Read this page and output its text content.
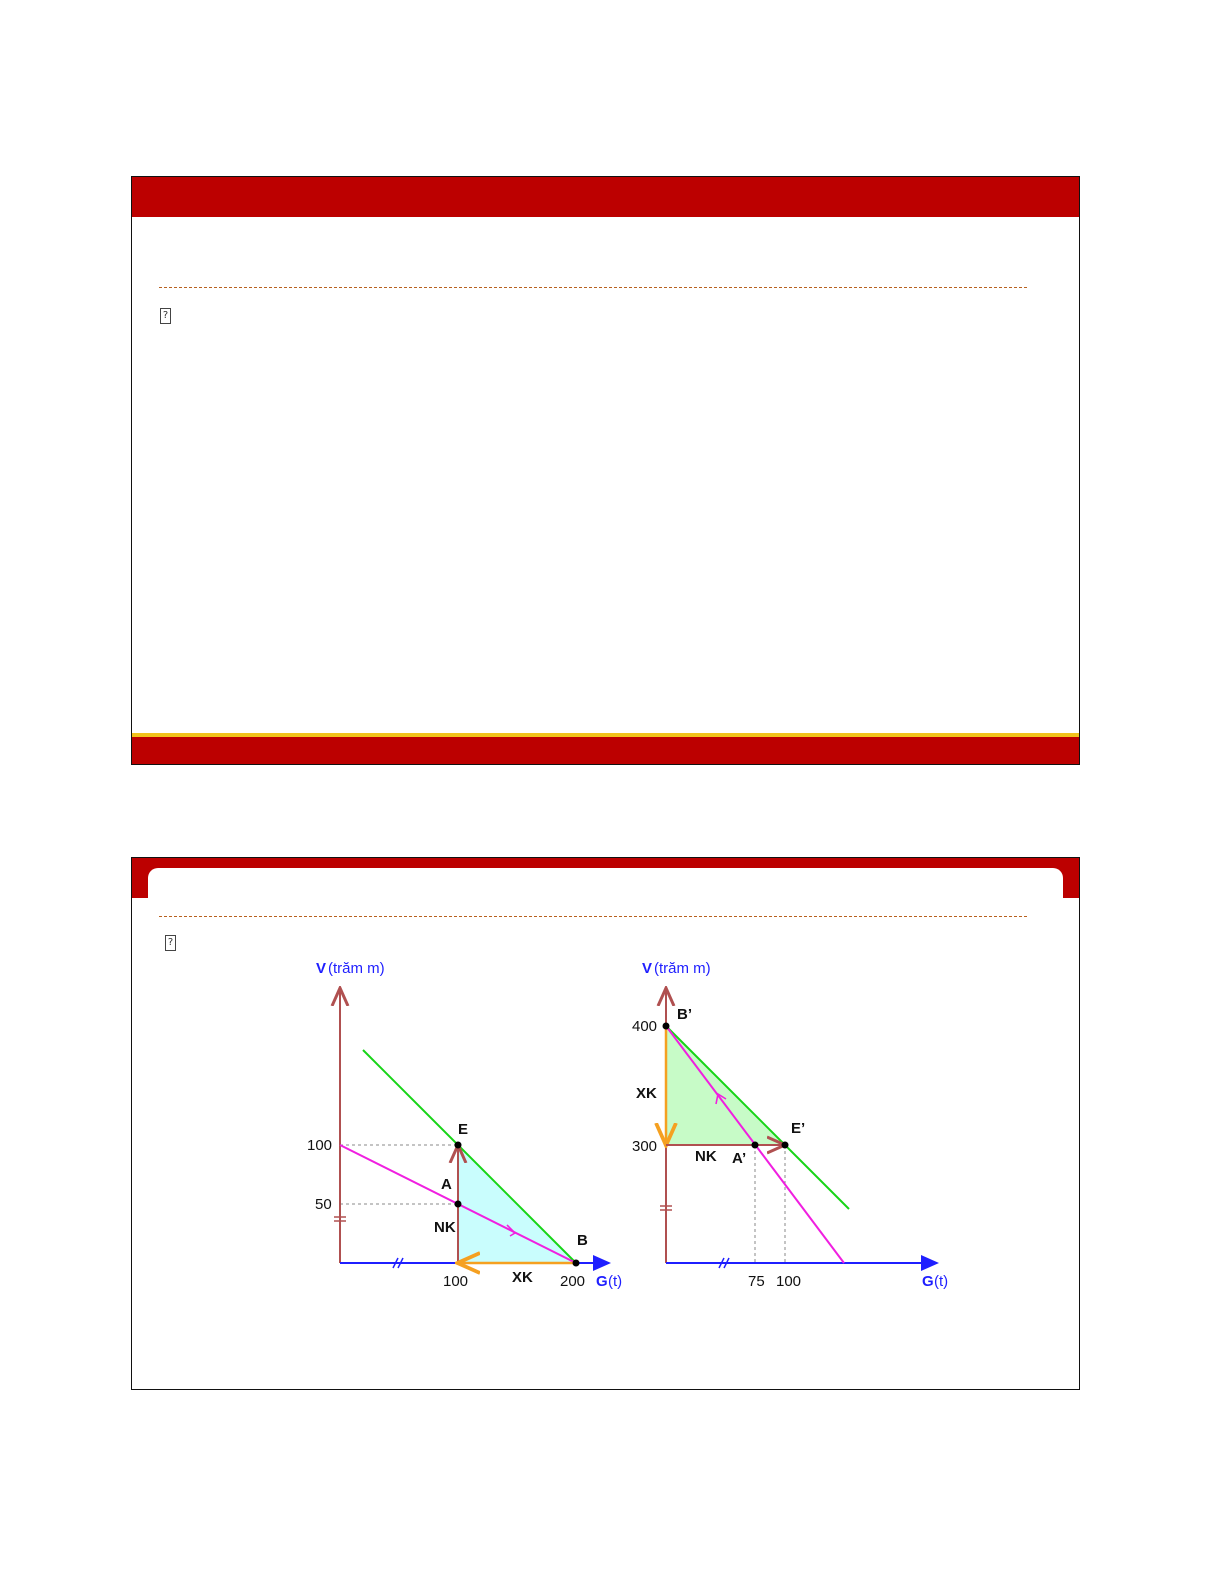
?
?
V (trăm m)
G (t)
100
50
100	200
E
A
B
NK
XK
V (trăm m)
G (t)
400
300
75 100
B’
E’
A’
XK
NK
